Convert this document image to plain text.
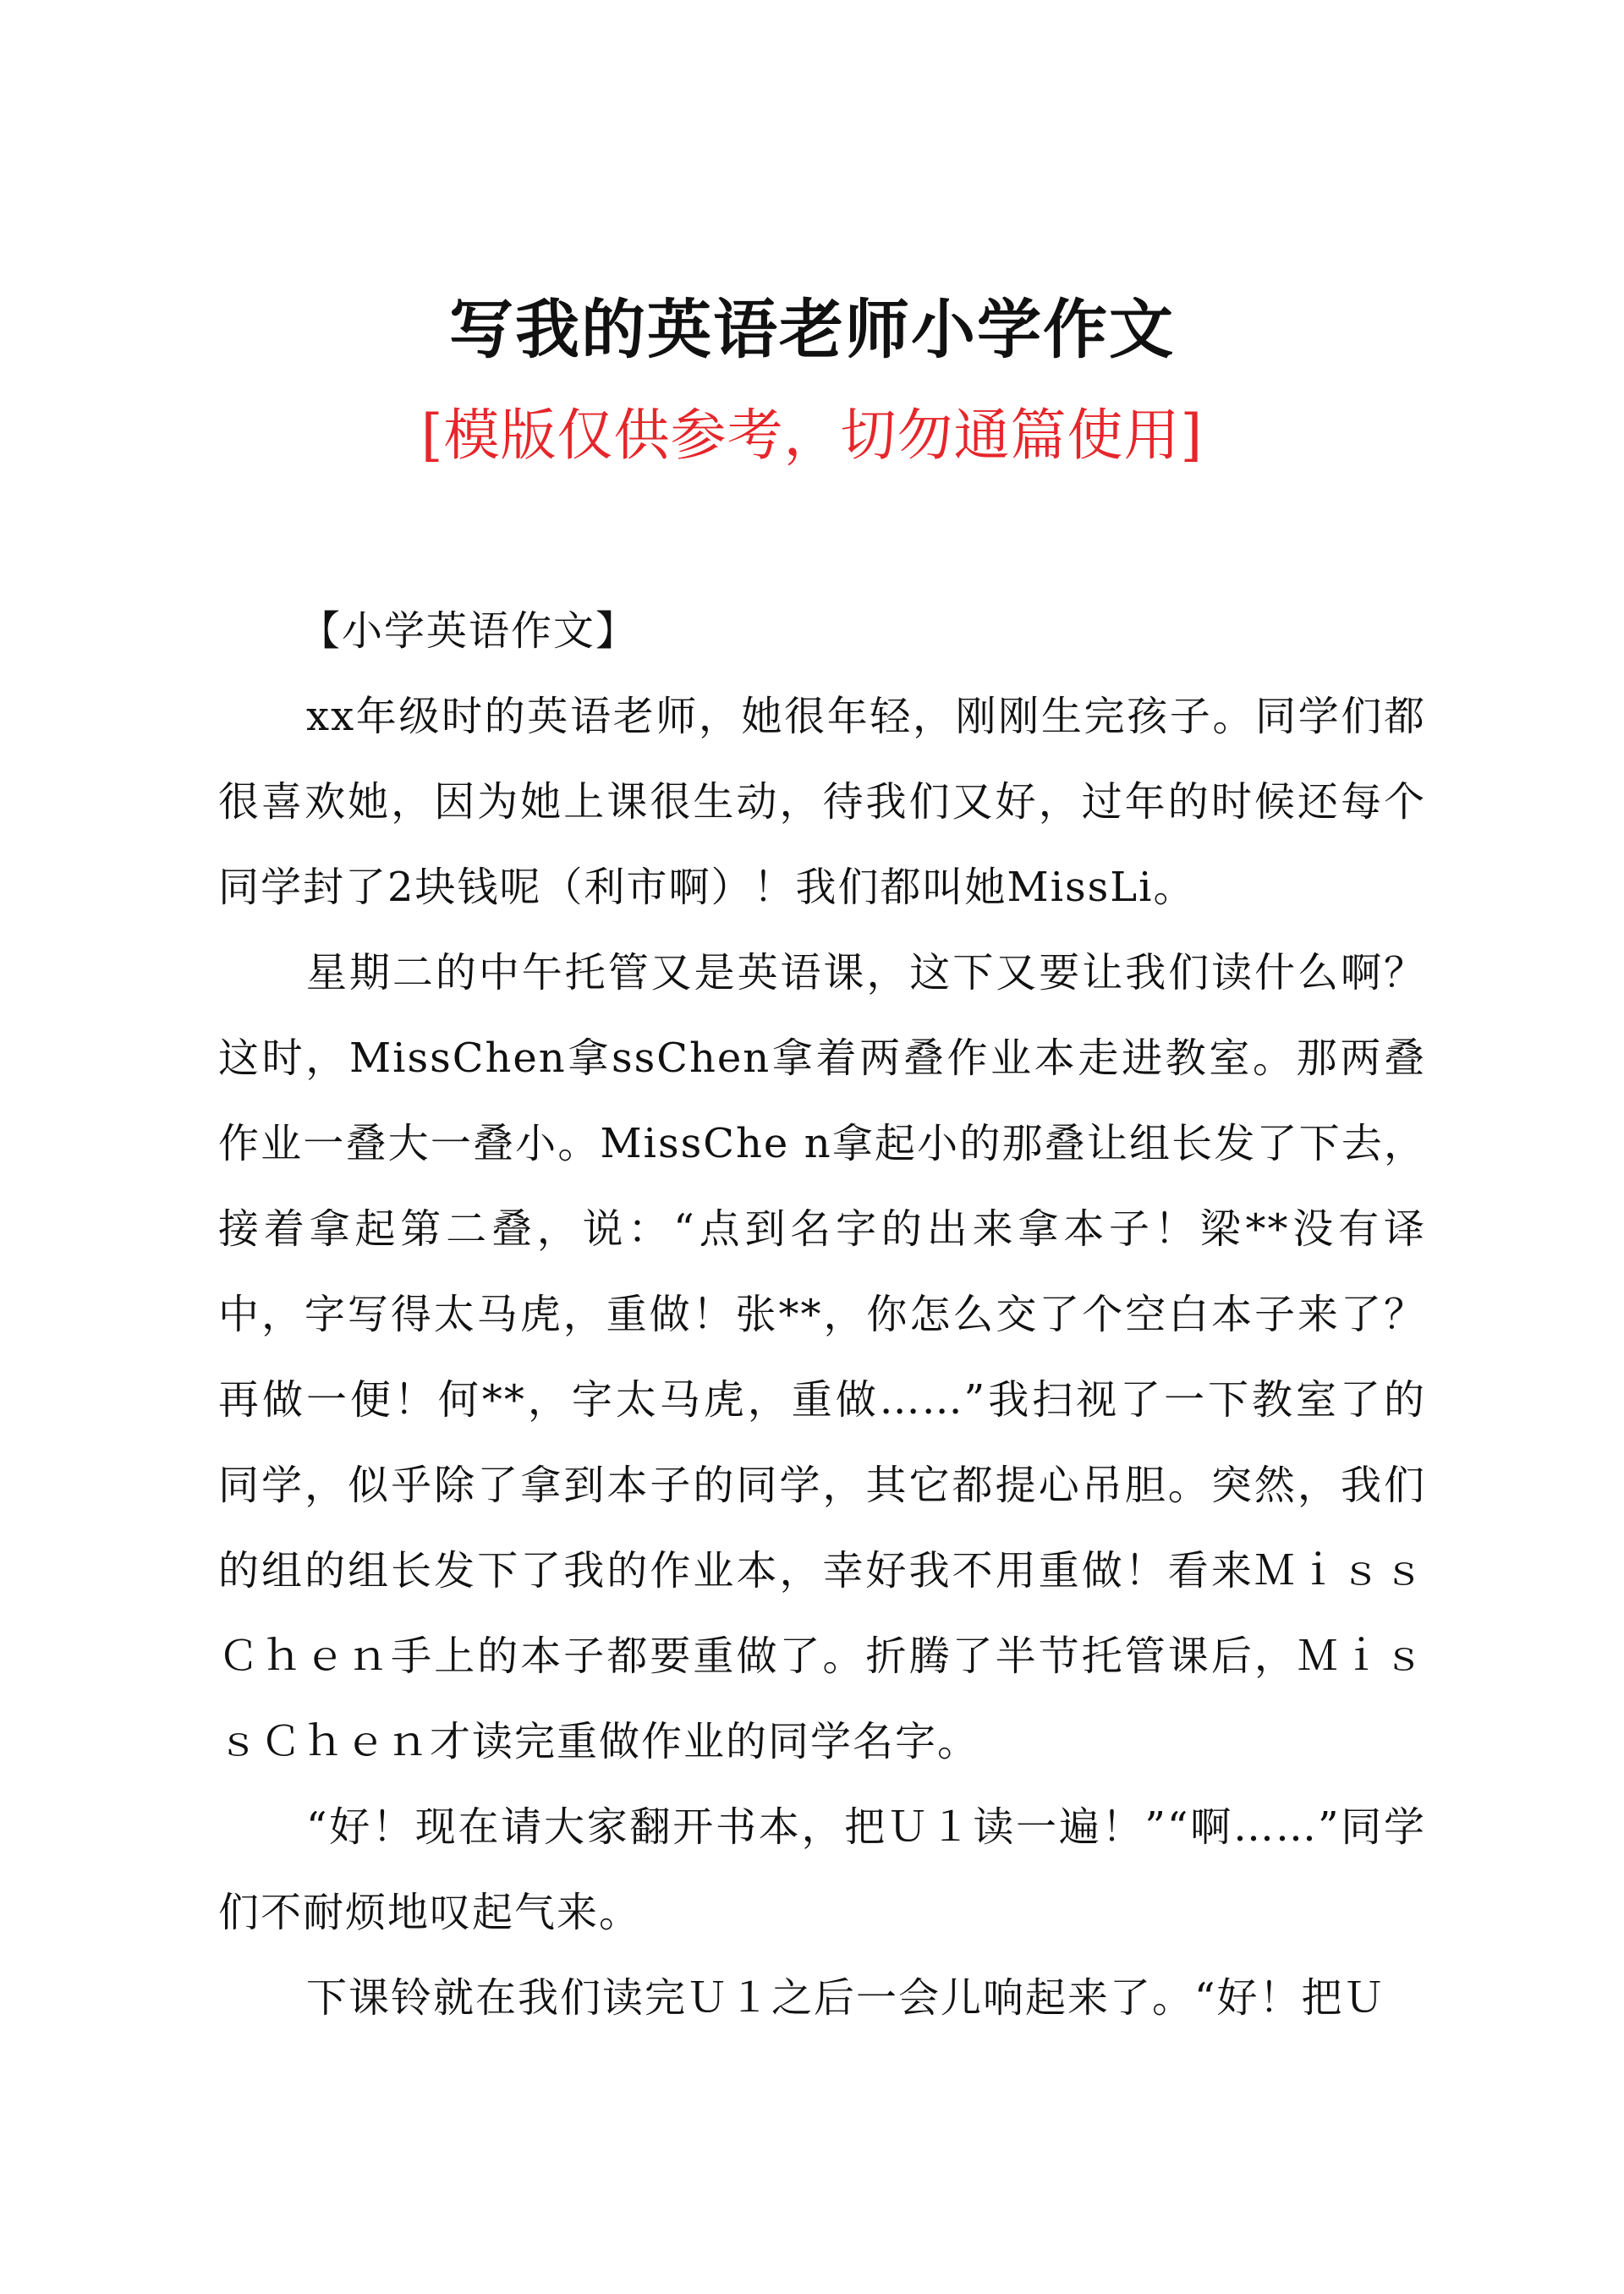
写我的英语老师小学作文
[模版仅供参考，切勿通篇使用]

【小学英语作文】

xx年级时的英语老师，她很年轻，刚刚生完孩子。同学们都很喜欢她，因为她上课很生动，待我们又好，过年的时候还每个同学封了2块钱呢（利市啊）！我们都叫她MissLi。

星期二的中午托管又是英语课，这下又要让我们读什么啊？这时，MissChen拿ssChen拿着两叠作业本走进教室。那两叠作业一叠大一叠小。MissChe n拿起小的那叠让组长发了下去，接着拿起第二叠，说：“点到名字的出来拿本子！梁**没有译中，字写得太马虎，重做！张**，你怎么交了个空白本子来了？再做一便！何**，字太马虎，重做……”我扫视了一下教室了的同学，似乎除了拿到本子的同学，其它都提心吊胆。突然，我们的组的组长发下了我的作业本，幸好我不用重做！看来ＭｉｓｓＣｈｅｎ手上的本子都要重做了。折腾了半节托管课后，ＭｉｓｓＣｈｅｎ才读完重做作业的同学名字。

“好！现在请大家翻开书本，把Ｕ１读一遍！”“啊……”同学们不耐烦地叹起气来。

下课铃就在我们读完Ｕ１之后一会儿响起来了。“好！把Ｕ
